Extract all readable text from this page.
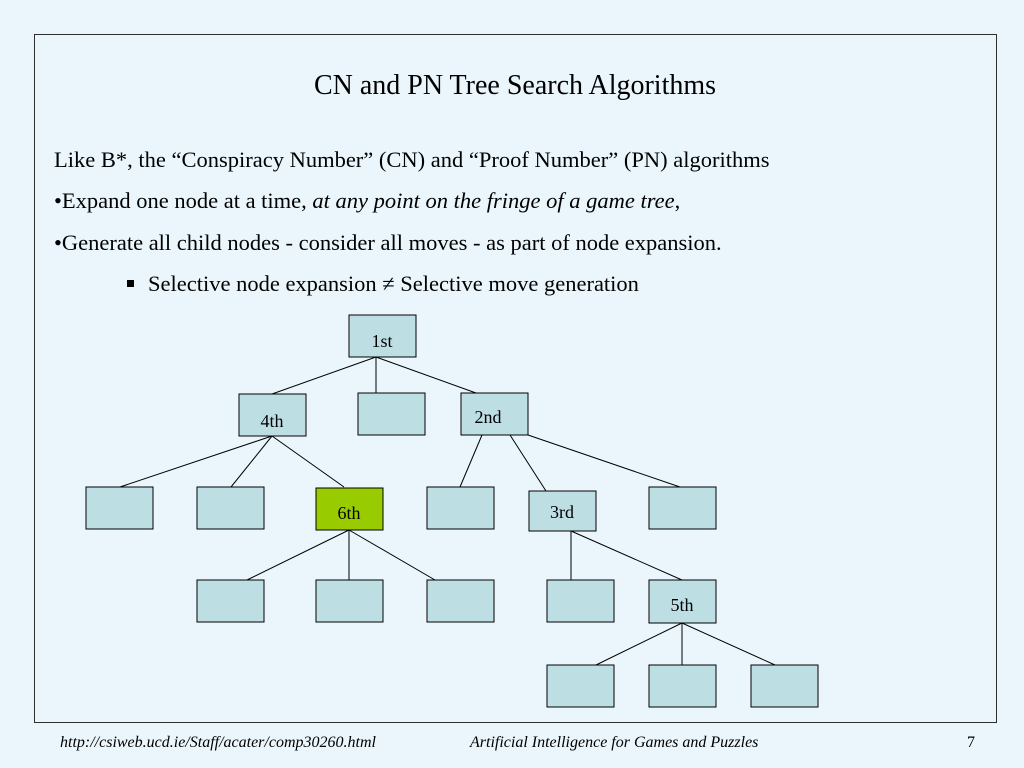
CN and PN Tree Search Algorithms
Like B*, the “Conspiracy Number” (CN) and “Proof Number” (PN) algorithms
•Expand one node at a time, at any point on the fringe of a game tree,
•Generate all child nodes - consider all moves - as part of node expansion.
Selective node expansion ≠ Selective move generation
1st
4th	2nd
6th	3rd
5th
http://csiweb.ucd.ie/Staff/acater/comp30260.html	Artificial Intelligence for Games and Puzzles	7
